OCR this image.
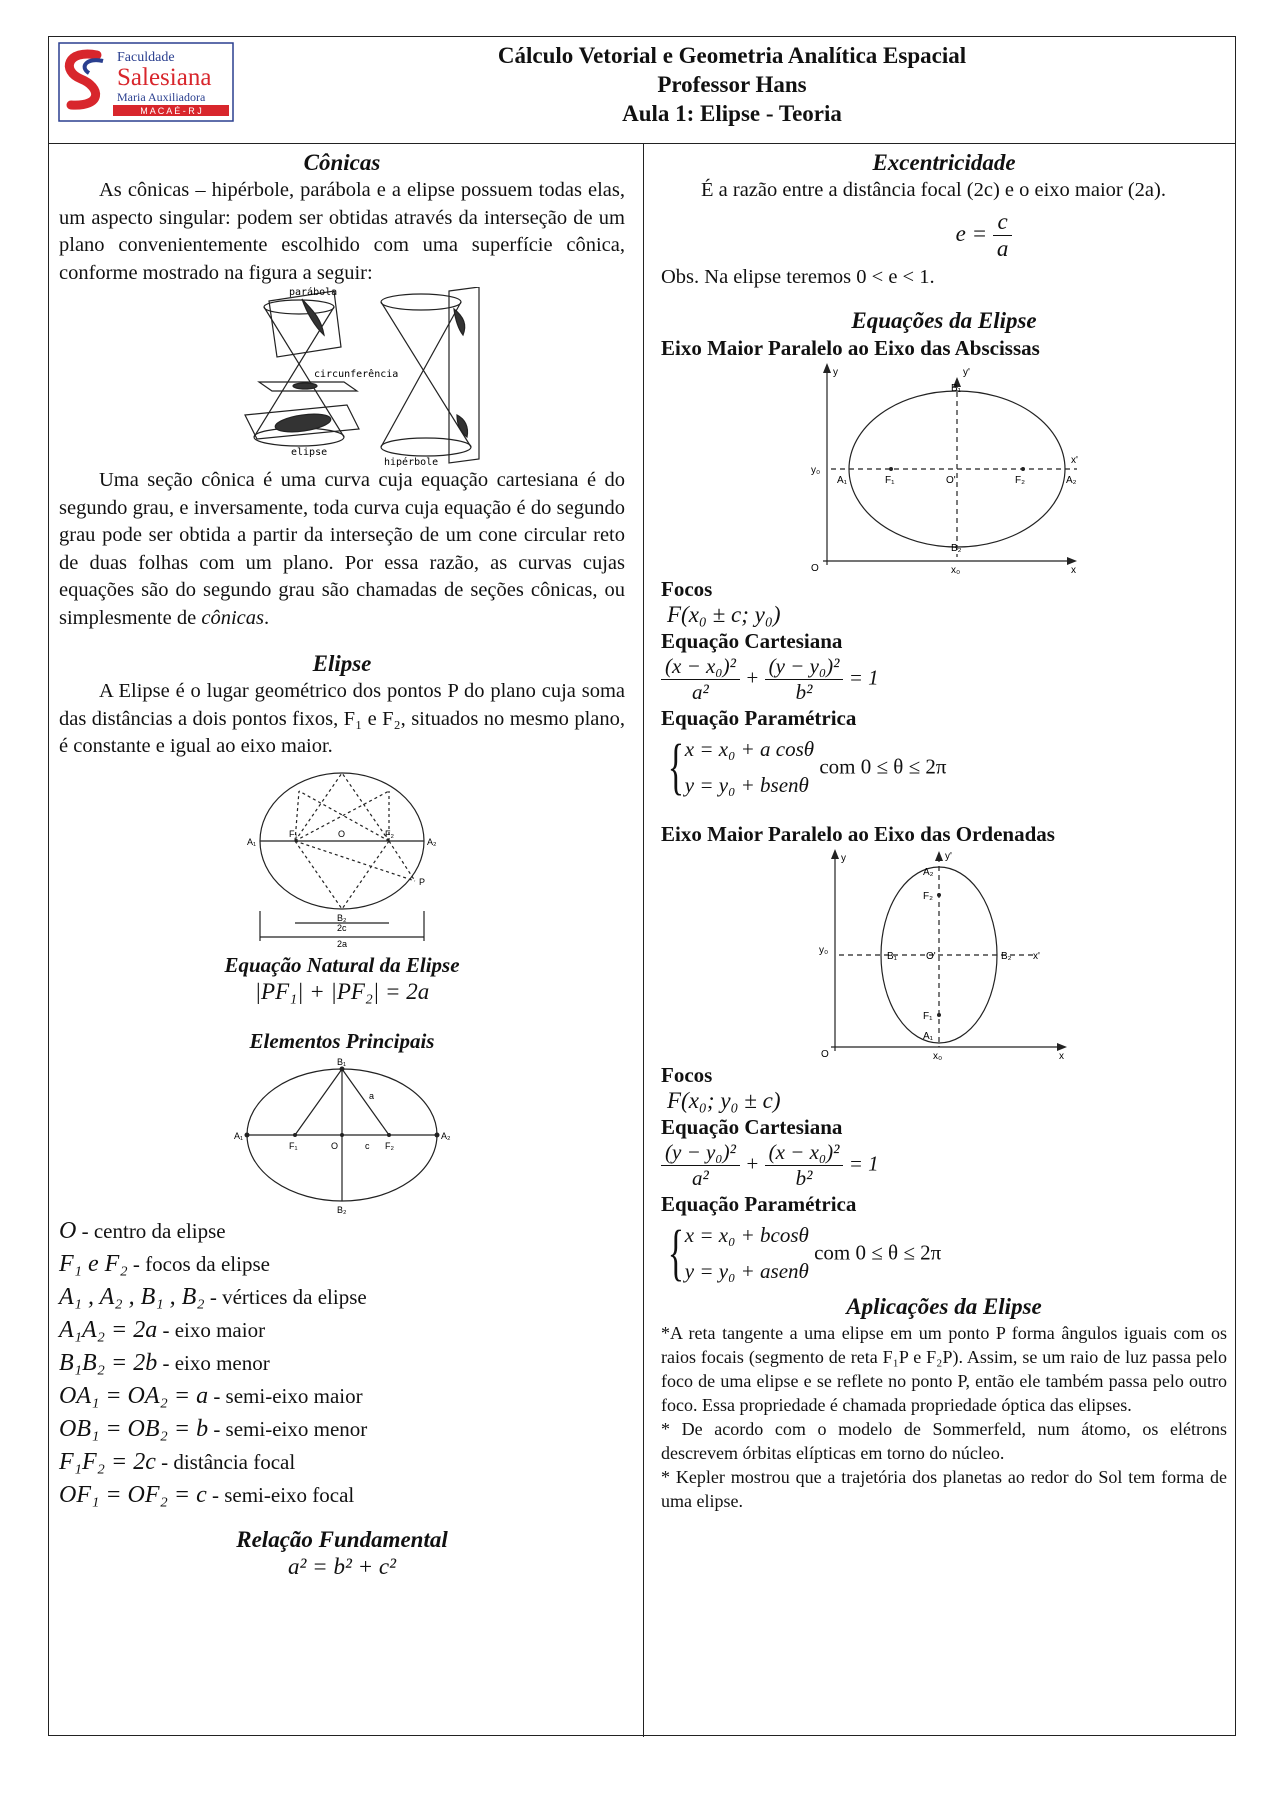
Faculdade
Salesiana
Maria Auxiliadora
M A C A É - R J
Cálculo Vetorial e Geometria Analítica Espacial
Professor Hans
Aula 1: Elipse - Teoria
Cônicas

As cônicas – hipérbole, parábola e a elipse possuem todas elas, um aspecto singular: podem ser obtidas através da interseção de um plano convenientemente escolhido com uma superfície cônica, conforme mostrado na figura a seguir:

parábola
circunferência
elipse
hipérbole

Uma seção cônica é uma curva cuja equação cartesiana é do segundo grau, e inversamente, toda curva cuja equação é do segundo grau pode ser obtida a partir da interseção de um cone circular reto de duas folhas com um plano. Por essa razão, as curvas cujas equações são do segundo grau são chamadas de seções cônicas, ou simplesmente de cônicas.

Elipse

A Elipse é o lugar geométrico dos pontos P do plano cuja soma das distâncias a dois pontos fixos, F₁ e F₂, situados no mesmo plano, é constante e igual ao eixo maior.

A₁	A₂
F₁	F₂
O
B₂
2c
2a
P
Equação Natural da Elipse
|PF₁| + |PF₂| = 2a
Elementos Principais
A₁	A₂
B₁
B₂
F₁	F₂
O	c
a
O - centro da elipse
F₁ e F₂ - focos da elipse
A₁ , A₂ , B₁ , B₂ - vértices da elipse
A₁A₂ = 2a - eixo maior
B₁B₂ = 2b - eixo menor
OA₁ = OA₂ = a - semi-eixo maior
OB₁ = OB₂ = b - semi-eixo menor
F₁F₂ = 2c - distância focal
OF₁ = OF₂ = c - semi-eixo focal
Relação Fundamental
a² = b² + c²
Excentricidade

É a razão entre a distância focal (2c) e o eixo maior (2a).

$e = \frac{c}{a}$
Obs. Na elipse teremos 0 < e < 1.
Equações da Elipse
Eixo Maior Paralelo ao Eixo das Abscissas
y	y'
B₁
B₂
A₁	A₂
F₁	F₂
O'
y₀
x'
O	x₀	x
Focos
F(x₀ ± c; y₀)
Equação Cartesiana
$\frac{\text{(x − x₀)²}}{\text{a²}} + \frac{\text{(y − y₀)²}}{\text{b²}} = 1$
Equação Paramétrica
{ x = x₀ + a cosθ
y = y₀ + bsenθ
com 0 ≤ θ ≤ 2π
Eixo Maior Paralelo ao Eixo das Ordenadas
y	y'
A₂
A₁
F₂
F₁
B₁	B₂
O'
y₀
x'
O	x₀	x
Focos
F(x₀; y₀ ± c)
Equação Cartesiana
$\frac{\text{(y − y₀)²}}{\text{a²}} + \frac{\text{(x − x₀)²}}{\text{b²}} = 1$
Equação Paramétrica
{ x = x₀ + bcosθ
y = y₀ + asenθ
com 0 ≤ θ ≤ 2π
Aplicações da Elipse

*A reta tangente a uma elipse em um ponto P forma ângulos iguais com os raios focais (segmento de reta F₁P e F₂P). Assim, se um raio de luz passa pelo foco de uma elipse e se reflete no ponto P, então ele também passa pelo outro foco. Essa propriedade é chamada propriedade óptica das elipses.

* De acordo com o modelo de Sommerfeld, num átomo, os elétrons descrevem órbitas elípticas em torno do núcleo.

* Kepler mostrou que a trajetória dos planetas ao redor do Sol tem forma de uma elipse.
